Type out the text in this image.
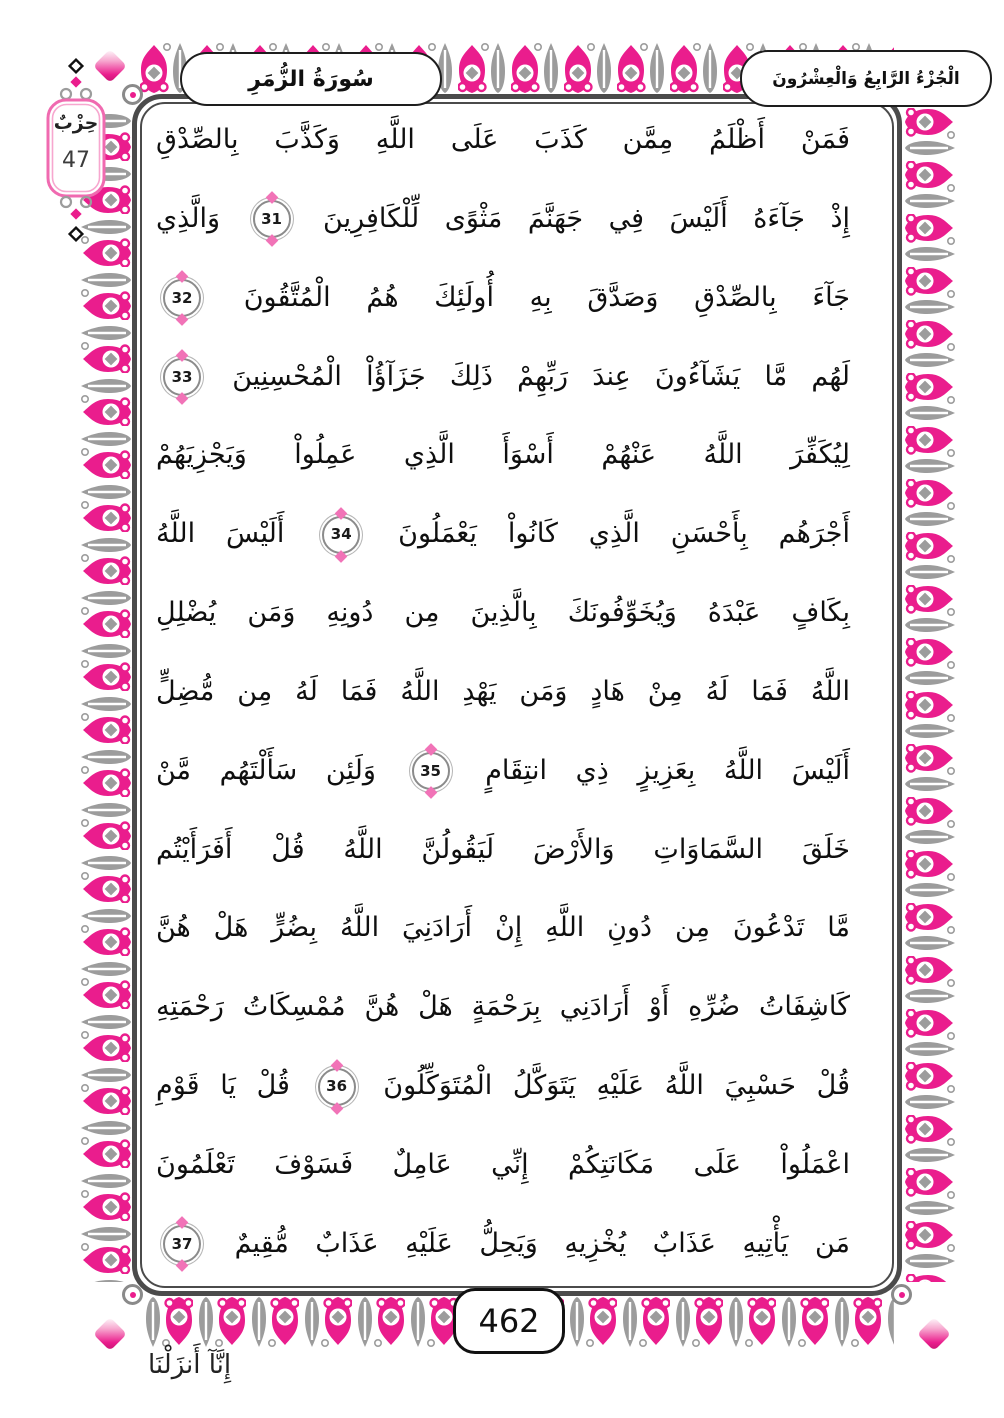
سُورَةُ الزُّمَرِ	الْجُزْءُ الرَّابِعُ وَالْعِشْرُونَ
حِزْبٌ
47
فَمَنْ أَظْلَمُ مِمَّن كَذَبَ عَلَى اللَّهِ وَكَذَّبَ بِالصِّدْقِ
إِذْ جَآءَهُ أَلَيْسَ فِي جَهَنَّمَ مَثْوًى لِّلْكَافِرِينَ
31
وَالَّذِي
جَآءَ بِالصِّدْقِ وَصَدَّقَ بِهِ أُولَئِكَ هُمُ الْمُتَّقُونَ
32
لَهُم مَّا يَشَآءُونَ عِندَ رَبِّهِمْ ذَلِكَ جَزَآؤُاْ الْمُحْسِنِينَ
33
لِيُكَفِّرَ اللَّهُ عَنْهُمْ أَسْوَأَ الَّذِي عَمِلُواْ وَيَجْزِيَهُمْ
أَجْرَهُم بِأَحْسَنِ الَّذِي كَانُواْ يَعْمَلُونَ
34
أَلَيْسَ اللَّهُ
بِكَافٍ عَبْدَهُ وَيُخَوِّفُونَكَ بِالَّذِينَ مِن دُونِهِ وَمَن يُضْلِلِ
اللَّهُ فَمَا لَهُ مِنْ هَادٍ وَمَن يَهْدِ اللَّهُ فَمَا لَهُ مِن مُّضِلٍّ
أَلَيْسَ اللَّهُ بِعَزِيزٍ ذِي انتِقَامٍ
35
وَلَئِن سَأَلْتَهُم مَّنْ
خَلَقَ السَّمَاوَاتِ وَالأَرْضَ لَيَقُولُنَّ اللَّهُ قُلْ أَفَرَأَيْتُم
مَّا تَدْعُونَ مِن دُونِ اللَّهِ إِنْ أَرَادَنِيَ اللَّهُ بِضُرٍّ هَلْ هُنَّ
كَاشِفَاتُ ضُرِّهِ أَوْ أَرَادَنِي بِرَحْمَةٍ هَلْ هُنَّ مُمْسِكَاتُ رَحْمَتِهِ
قُلْ حَسْبِيَ اللَّهُ عَلَيْهِ يَتَوَكَّلُ الْمُتَوَكِّلُونَ
36
قُلْ يَا قَوْمِ
اعْمَلُواْ عَلَى مَكَانَتِكُمْ إِنِّي عَامِلٌ فَسَوْفَ تَعْلَمُونَ
مَن يَأْتِيهِ عَذَابٌ يُخْزِيهِ وَيَحِلُّ عَلَيْهِ عَذَابٌ مُّقِيمٌ
37
462
إِنَّآ أَنزَلْنَا
